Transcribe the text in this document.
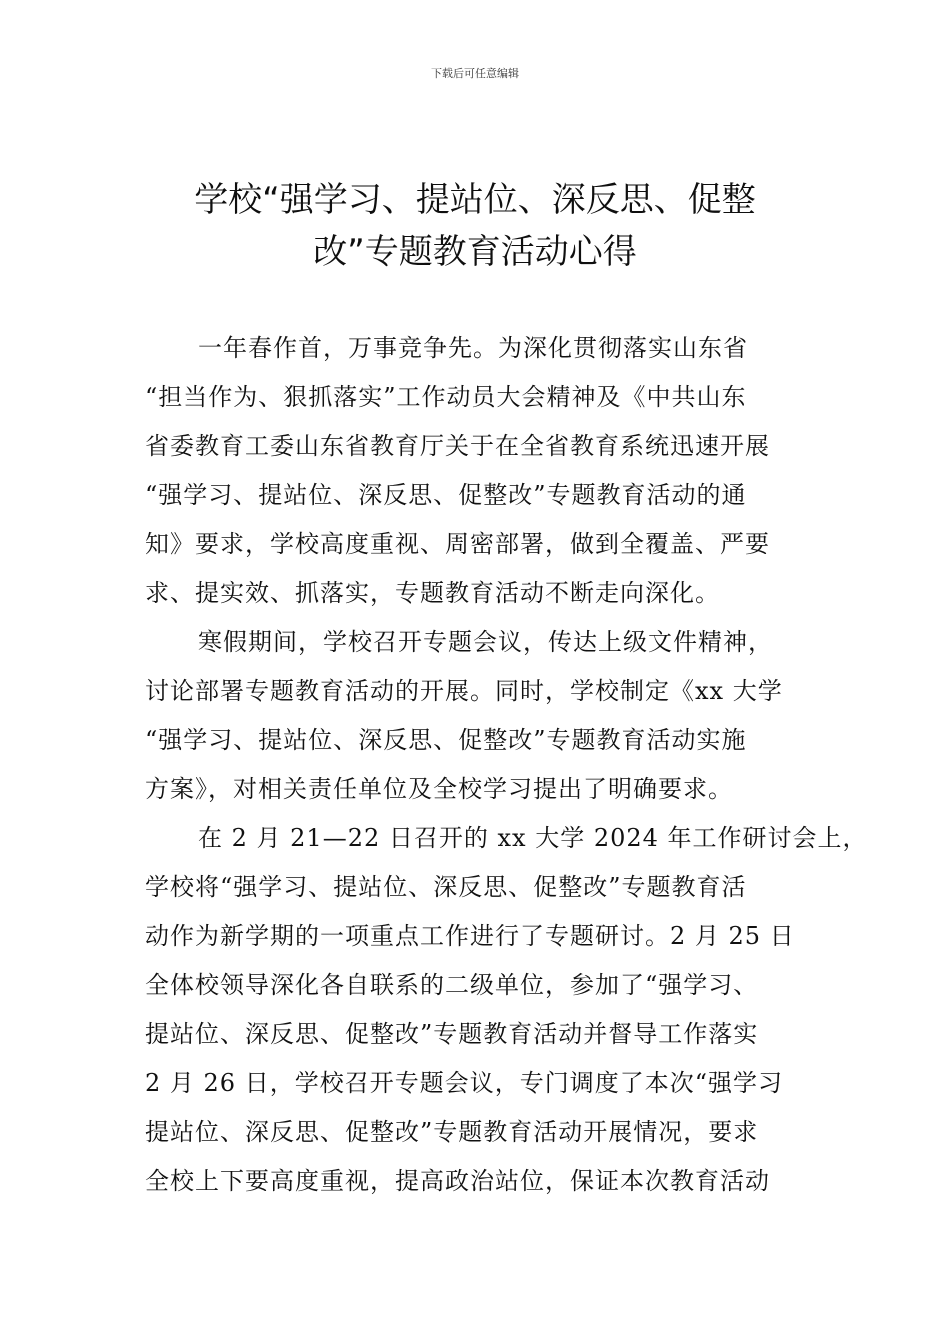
下载后可任意编辑
学校“强学习、提站位、深反思、促整
改”专题教育活动心得

一年春作首，万事竞争先。为深化贯彻落实山东省
“担当作为、狠抓落实”工作动员大会精神及《中共山东
省委教育工委山东省教育厅关于在全省教育系统迅速开展
“强学习、提站位、深反思、促整改”专题教育活动的通
知》要求，学校高度重视、周密部署，做到全覆盖、严要
求、提实效、抓落实，专题教育活动不断走向深化。

寒假期间，学校召开专题会议，传达上级文件精神，
讨论部署专题教育活动的开展。同时，学校制定《xx 大学
“强学习、提站位、深反思、促整改”专题教育活动实施
方案》，对相关责任单位及全校学习提出了明确要求。

在 2 月 21—22 日召开的 xx 大学 2024 年工作研讨会上，
学校将“强学习、提站位、深反思、促整改”专题教育活
动作为新学期的一项重点工作进行了专题研讨。2 月 25 日
全体校领导深化各自联系的二级单位，参加了“强学习、
提站位、深反思、促整改”专题教育活动并督导工作落实
2 月 26 日，学校召开专题会议，专门调度了本次“强学习
提站位、深反思、促整改”专题教育活动开展情况，要求
全校上下要高度重视，提高政治站位，保证本次教育活动
